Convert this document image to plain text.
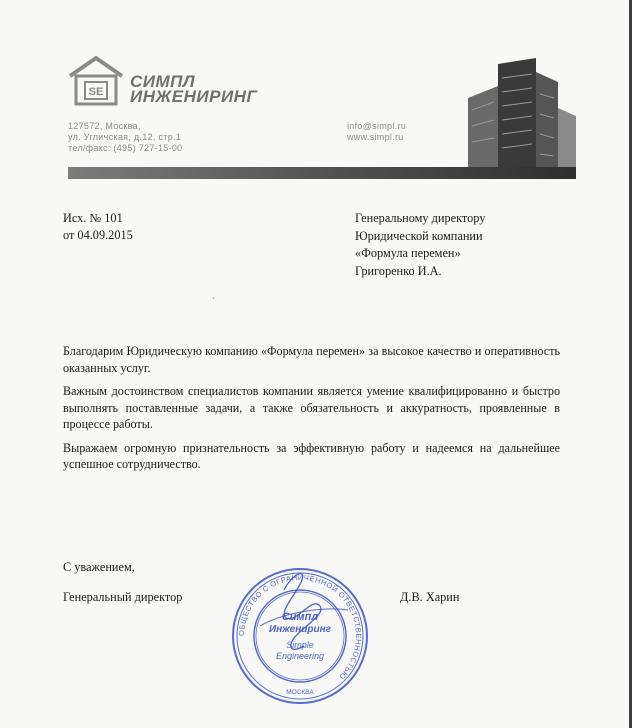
SE
СИМПЛ
ИНЖЕНИРИНГ
127572, Москва,
ул. Угличская, д.12, стр.1
тел/факс: (495) 727-15-00
info@simpl.ru
www.simpl.ru
Исх. № 101
от 04.09.2015
Генеральному директору
Юридической компании
«Формула перемен»
Григоренко И.А.
`

Благодарим Юридическую компанию «Формула перемен» за высокое качество и оперативность оказанных услуг.

Важным достоинством специалистов компании является умение квалифицированно и быстро выполнять поставленные задачи, а также обязательность и аккуратность, проявленные в процессе работы.

Выражаем огромную признательность за эффективную работу и надеемся на дальнейшее успешное сотрудничество.

С уважением,
Генеральный директор	Д.В. Харин
ОБЩЕСТВО С ОГРАНИЧЕННОЙ ОТВЕТСТВЕННОСТЬЮ
Симпл
Инжениринг
Simple
Engineering
МОСКВА
